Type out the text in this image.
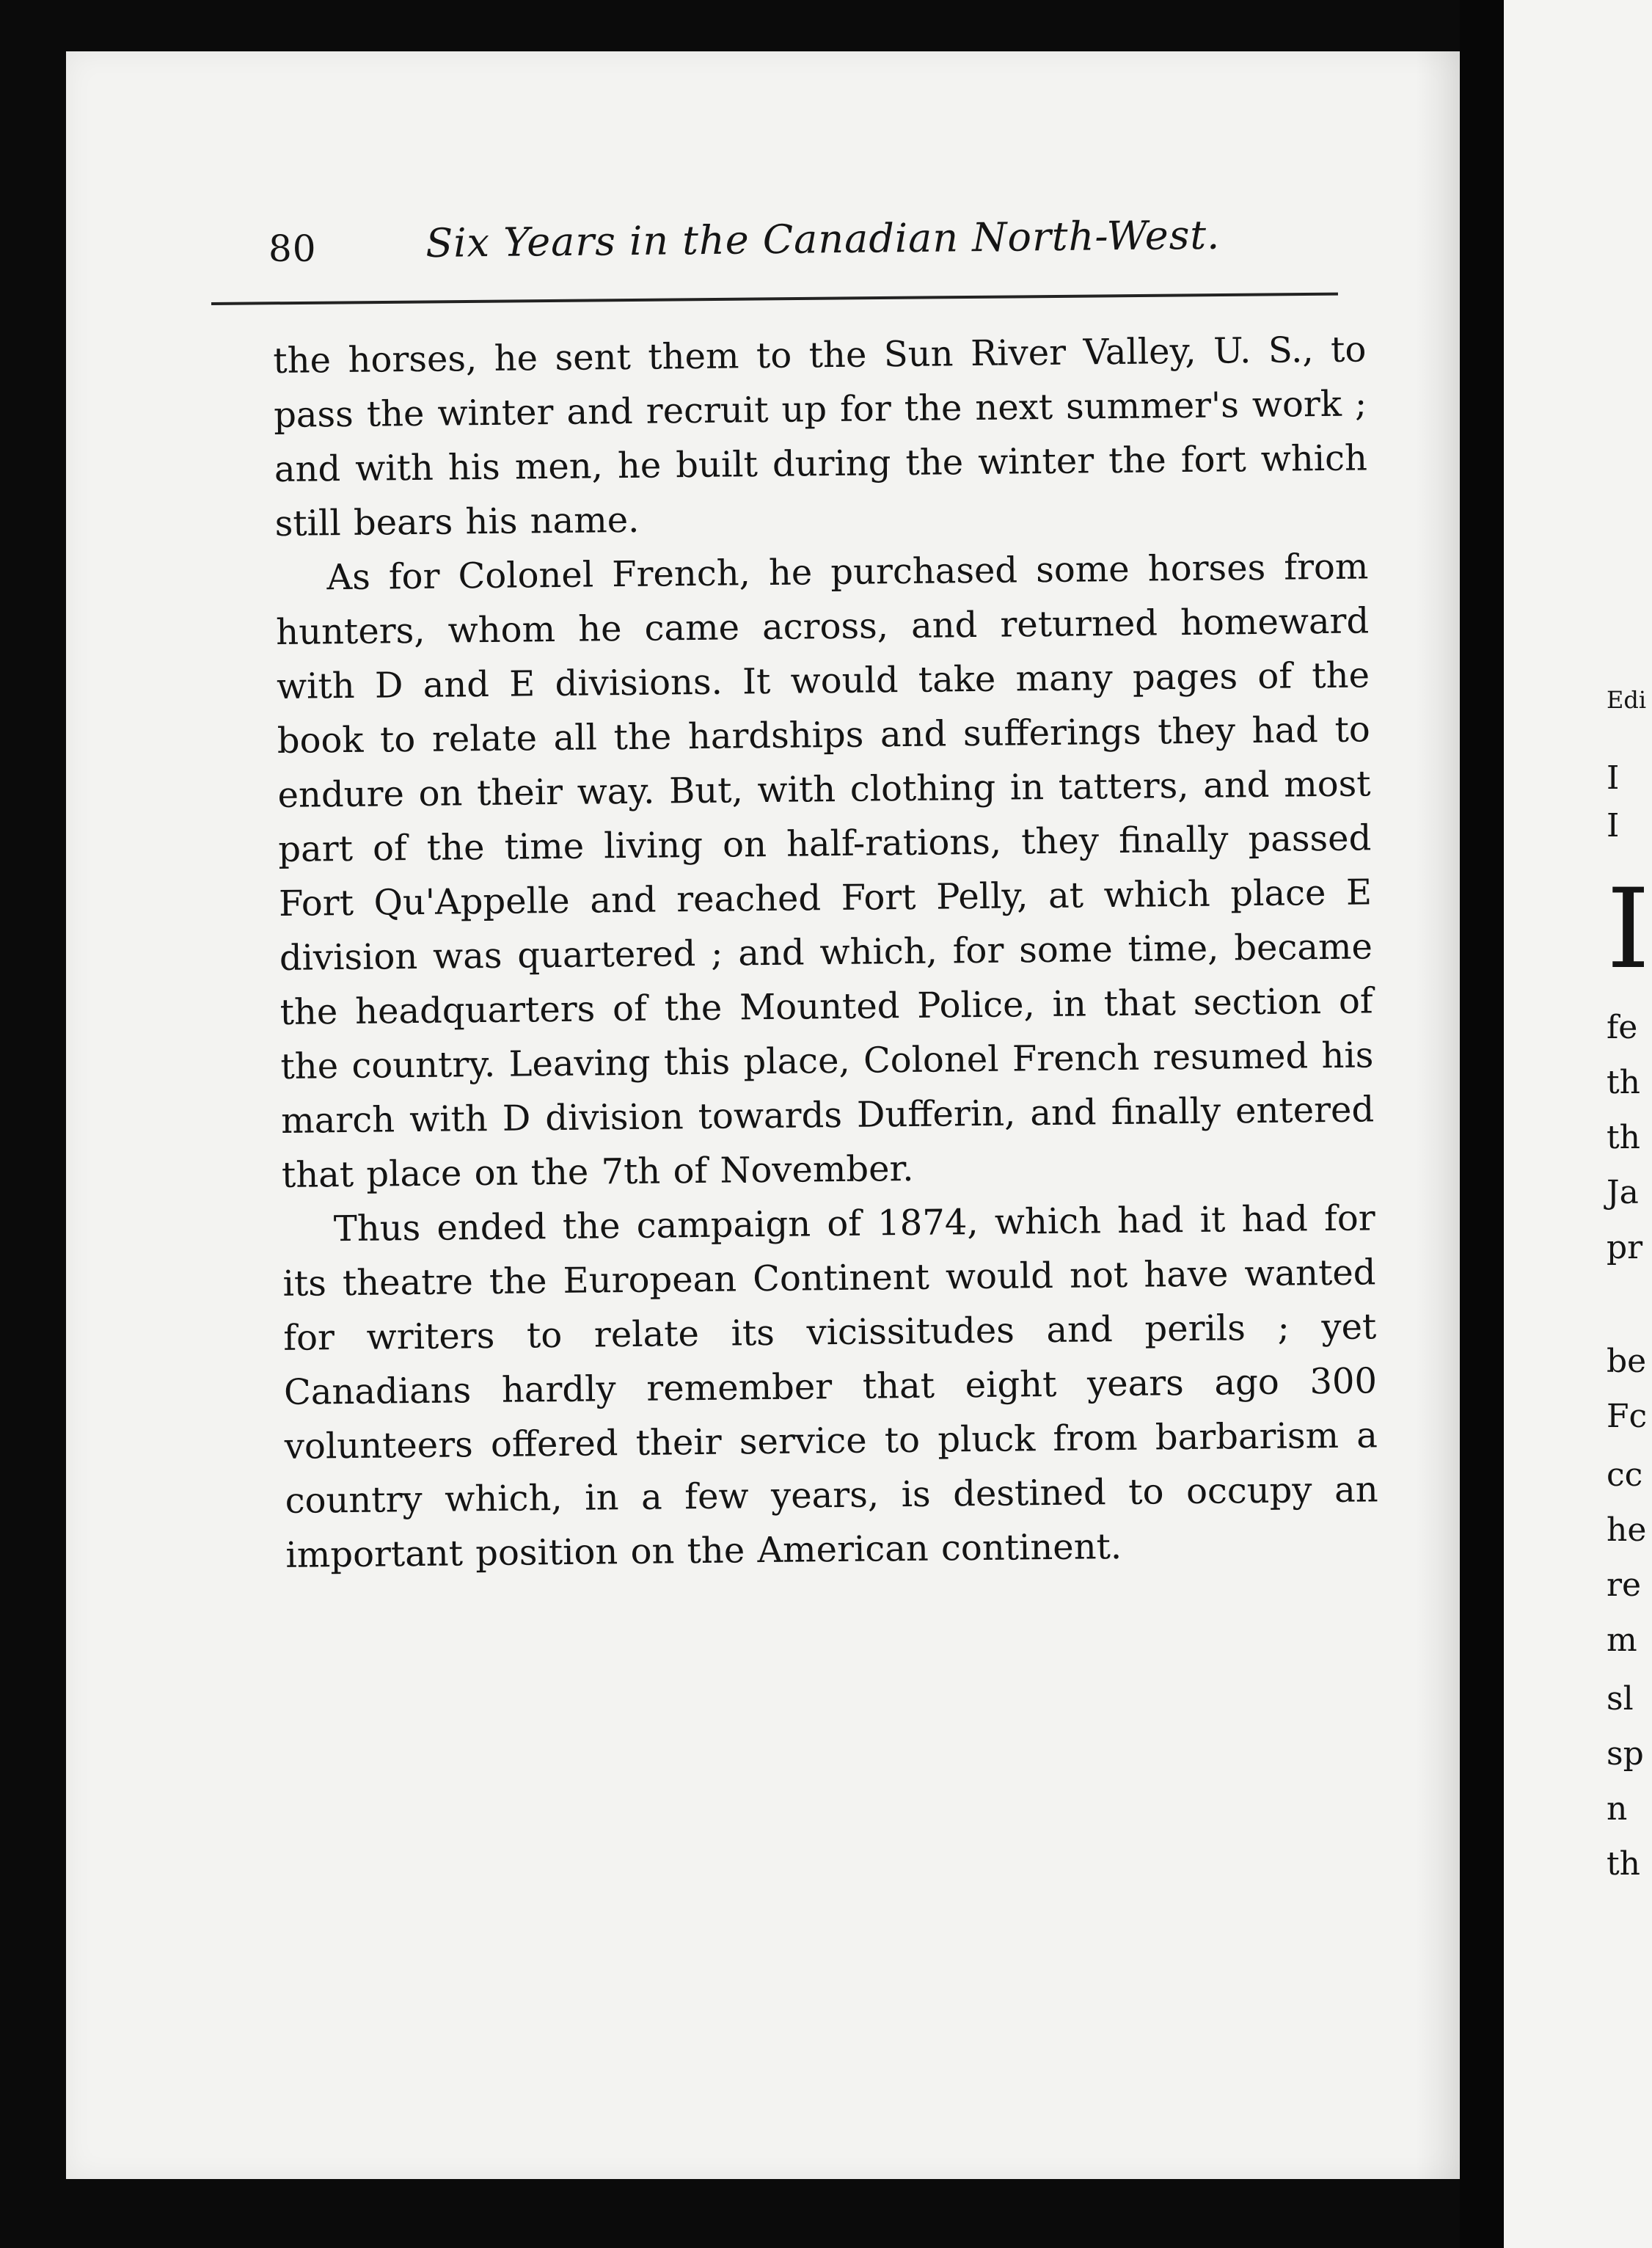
80	Six Years in the Canadian North-West.

the horses, he sent them to the Sun River Valley, U. S., to pass the winter and recruit up for the next summer's work ; and with his men, he built during the winter the fort which still bears his name.

As for Colonel French, he purchased some horses from hunters, whom he came across, and returned homeward with D and E divisions. It would take many pages of the book to relate all the hardships and sufferings they had to endure on their way. But, with clothing in tatters, and most part of the time living on half-rations, they finally passed Fort Qu'Appelle and reached Fort Pelly, at which place E division was quartered ; and which, for some time, became the headquarters of the Mounted Police, in that section of the country. Leaving this place, Colonel French resumed his march with D division towards Dufferin, and finally entered that place on the 7th of November.

Thus ended the campaign of 1874, which had it had for its theatre the European Continent would not have wanted for writers to relate its vicissitudes and perils ; yet Canadians hardly remember that eight years ago 300 volunteers offered their service to pluck from barbarism a country which, in a few years, is destined to occupy an important position on the American continent.

Edi
I
I
I
fe
th
th
Ja
pr
be
Fc
cc
he
re
m
sl
sp
n
th
